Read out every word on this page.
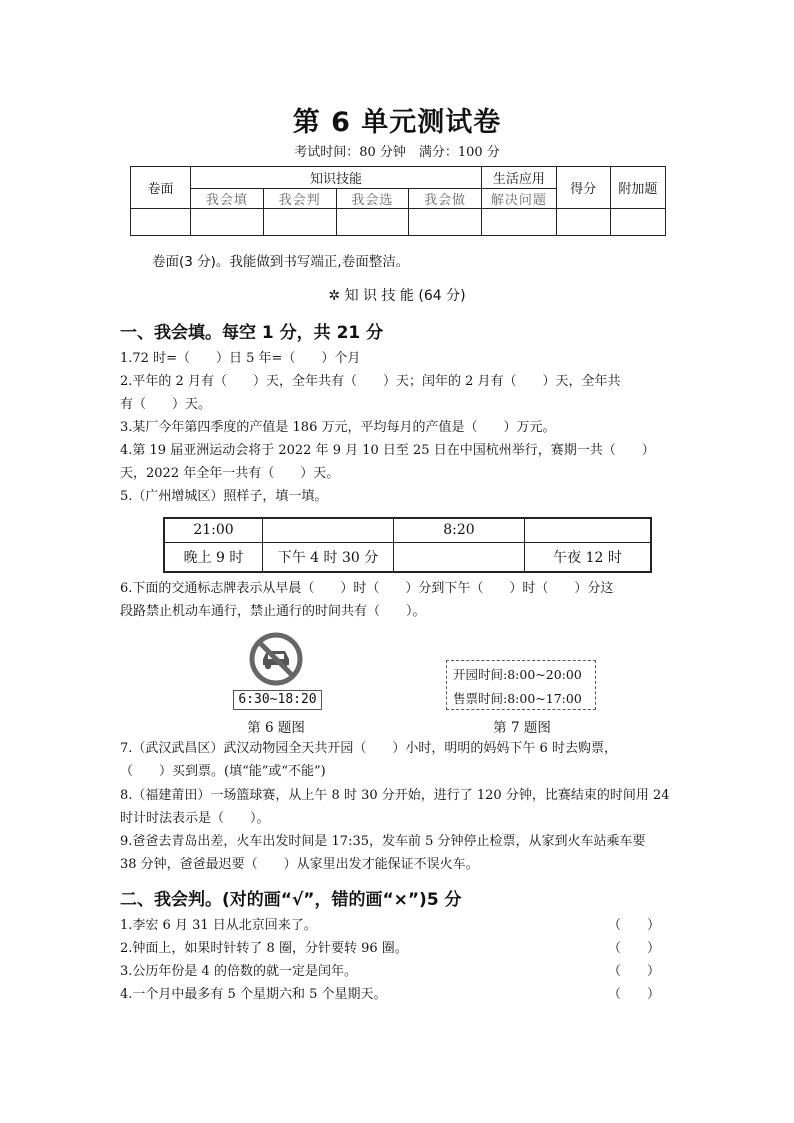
第 6 单元测试卷
考试时间：80 分钟　满分：100 分
卷面	知识技能				生活应用	得分	附加题
	我会填	我会判	我会选	我会做	解决问题		

卷面(3 分)。我能做到书写端正,卷面整洁。
✲ 知 识 技 能 (64 分)
一、我会填。每空 1 分，共 21 分
1.72 时=（　　）日 5 年=（　　）个月
2.平年的 2 月有（　　）天，全年共有（　　）天；闰年的 2 月有（　　）天，全年共
有（　　）天。
3.某厂今年第四季度的产值是 186 万元，平均每月的产值是（　　）万元。
4.第 19 届亚洲运动会将于 2022 年 9 月 10 日至 25 日在中国杭州举行，赛期一共（　　）
天，2022 年全年一共有（　　）天。
5.（广州增城区）照样子，填一填。
21:00		8:20	
晚上 9 时	下午 4 时 30 分		午夜 12 时
6.下面的交通标志牌表示从早晨（　　）时（　　）分到下午（　　）时（　　）分这
段路禁止机动车通行，禁止通行的时间共有（　　）。
6:30~18:20
开园时间:8:00~20:00
售票时间:8:00~17:00
第 6 题图	第 7 题图
7.（武汉武昌区）武汉动物园全天共开园（　　）小时，明明的妈妈下午 6 时去购票，
（　　）买到票。(填“能”或“不能”)
8.（福建莆田）一场篮球赛，从上午 8 时 30 分开始，进行了 120 分钟，比赛结束的时间用 24
时计时法表示是（　　）。
9.爸爸去青岛出差，火车出发时间是 17:35，发车前 5 分钟停止检票，从家到火车站乘车要
38 分钟，爸爸最迟要（　　）从家里出发才能保证不误火车。
二、我会判。(对的画“√”，错的画“×”)5 分
1.李宏 6 月 31 日从北京回来了。	（　　）
2.钟面上，如果时针转了 8 圈，分针要转 96 圈。	（　　）
3.公历年份是 4 的倍数的就一定是闰年。	（　　）
4.一个月中最多有 5 个星期六和 5 个星期天。	（　　）
